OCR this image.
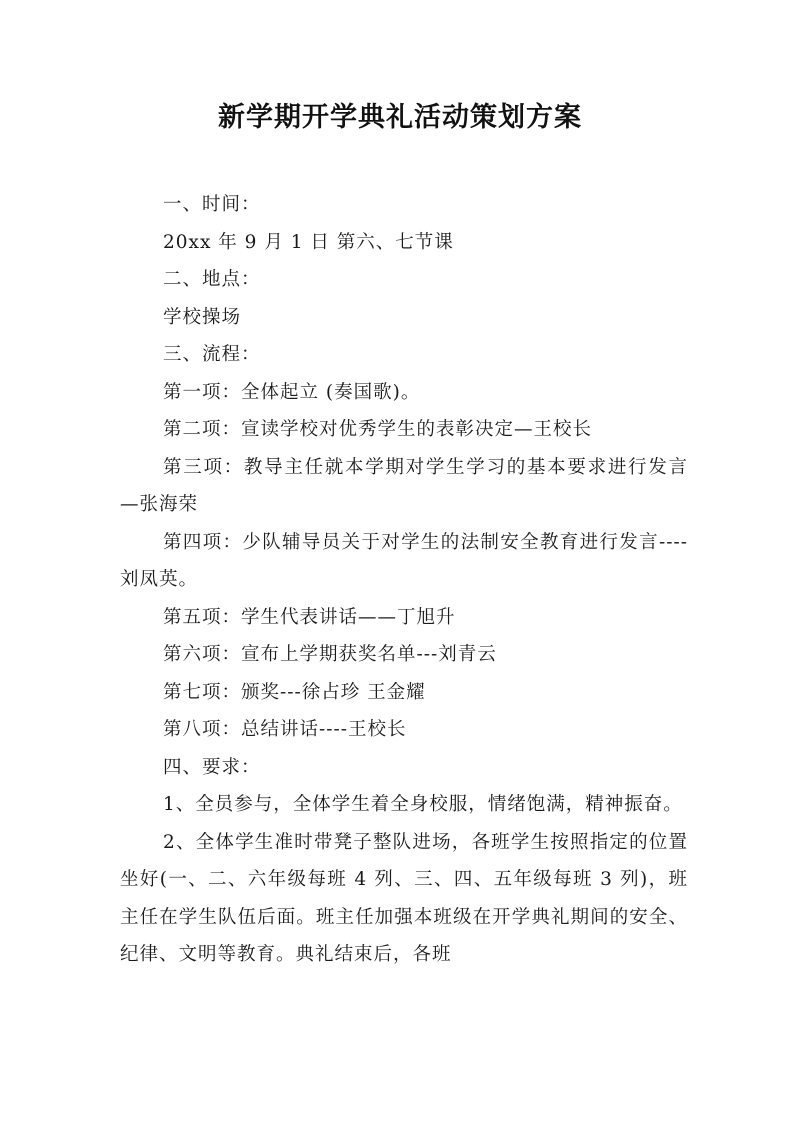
新学期开学典礼活动策划方案

一、时间：

20xx 年 9 月 1 日 第六、七节课

二、地点：

学校操场

三、流程：

第一项：全体起立 (奏国歌)。

第二项：宣读学校对优秀学生的表彰决定—王校长

第三项：教导主任就本学期对学生学习的基本要求进行发言—张海荣

第四项：少队辅导员关于对学生的法制安全教育进行发言----刘凤英。

第五项：学生代表讲话——丁旭升

第六项：宣布上学期获奖名单---刘青云

第七项：颁奖---徐占珍 王金耀

第八项：总结讲话----王校长

四、要求：

1、全员参与，全体学生着全身校服，情绪饱满，精神振奋。

2、全体学生准时带凳子整队进场，各班学生按照指定的位置坐好(一、二、六年级每班 4 列、三、四、五年级每班 3 列)，班主任在学生队伍后面。班主任加强本班级在开学典礼期间的安全、纪律、文明等教育。典礼结束后，各班
